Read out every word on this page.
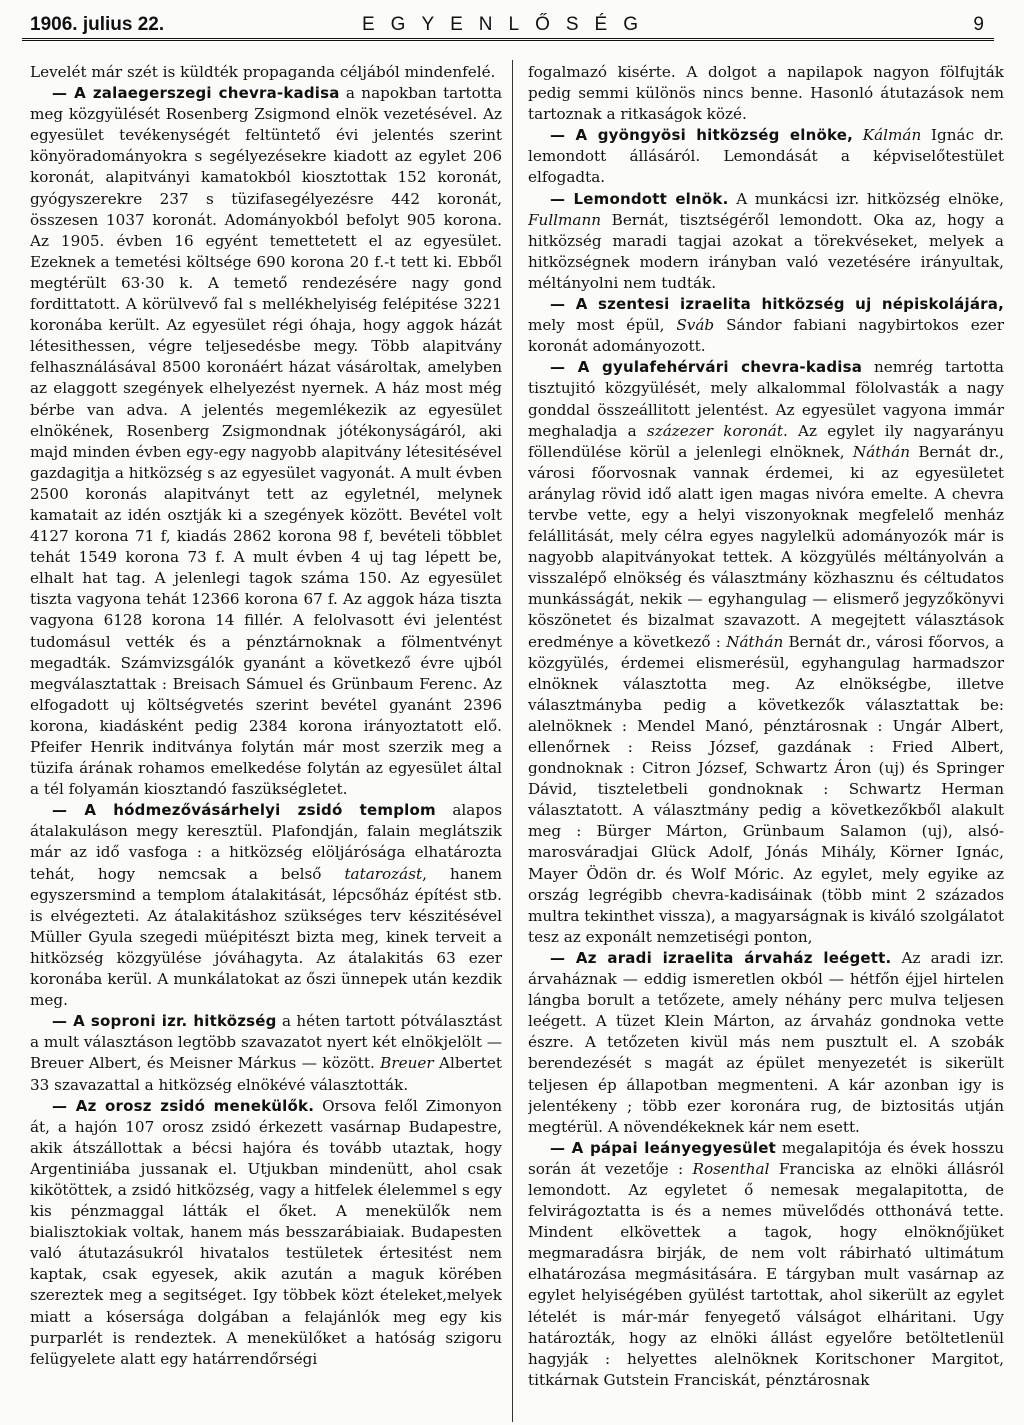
1906. julius 22.	EGYENLŐSÉG	9

Levelét már szét is küldték propaganda céljából mindenfelé.

— A zalaegerszegi chevra-kadisa a napokban tartotta meg közgyülését Rosenberg Zsigmond elnök vezetésével. Az egyesület tevékenységét feltüntető évi jelentés szerint könyöradományokra s segélyezésekre kiadott az egylet 206 koronát, alapitványi kamatokból kiosztottak 152 koronát, gyógyszerekre 237 s tüzifasegélyezésre 442 koronát, összesen 1037 koronát. Adományokból befolyt 905 korona. Az 1905. évben 16 egyént temettetett el az egyesület. Ezeknek a temetési költsége 690 korona 20 f.-t tett ki. Ebből megtérült 63·30 k. A temető rendezésére nagy gond fordittatott. A körülvevő fal s mellékhelyiség felépitése 3221 koronába került. Az egyesület régi óhaja, hogy aggok házát létesithessen, végre teljesedésbe megy. Több alapitvány felhasználásával 8500 koronáért házat vásároltak, amelyben az elaggott szegények elhelyezést nyernek. A ház most még bérbe van adva. A jelentés megemlékezik az egyesület elnökének, Rosenberg Zsigmondnak jótékonyságáról, aki majd minden évben egy-egy nagyobb alapitvány létesitésével gazdagitja a hitközség s az egyesület vagyonát. A mult évben 2500 koronás alapitványt tett az egyletnél, melynek kamatait az idén osztják ki a szegények között. Bevétel volt 4127 korona 71 f, kiadás 2862 korona 98 f, bevételi többlet tehát 1549 korona 73 f. A mult évben 4 uj tag lépett be, elhalt hat tag. A jelenlegi tagok száma 150. Az egyesület tiszta vagyona tehát 12366 korona 67 f. Az aggok háza tiszta vagyona 6128 korona 14 fillér. A felolvasott évi jelentést tudomásul vették és a pénztárnoknak a fölmentvényt megadták. Számvizsgálók gyanánt a következő évre ujból megválasztattak : Breisach Sámuel és Grünbaum Ferenc. Az elfogadott uj költségvetés szerint bevétel gyanánt 2396 korona, kiadásként pedig 2384 korona irányoztatott elő. Pfeifer Henrik inditványa folytán már most szerzik meg a tüzifa árának rohamos emelkedése folytán az egyesület által a tél folyamán kiosztandó faszükségletet.

— A hódmezővásárhelyi zsidó templom alapos átalakuláson megy keresztül. Plafondján, falain meglátszik már az idő vasfoga : a hitközség elöljárósága elhatározta tehát, hogy nemcsak a belső tatarozást, hanem egyszersmind a templom átalakitását, lépcsőház építést stb. is elvégezteti. Az átalakitáshoz szükséges terv készitésével Müller Gyula szegedi müépitészt bizta meg, kinek terveit a hitközség közgyülése jóváhagyta. Az átalakitás 63 ezer koronába kerül. A munkálatokat az őszi ünnepek után kezdik meg.

— A soproni izr. hitközség a héten tartott pótválasztást a mult választáson legtöbb szavazatot nyert két elnökjelölt — Breuer Albert, és Meisner Márkus — között. Breuer Albertet 33 szavazattal a hitközség elnökévé választották.

— Az orosz zsidó menekülők. Orsova felől Zimonyon át, a hajón 107 orosz zsidó érkezett vasárnap Budapestre, akik átszállottak a bécsi hajóra és tovább utaztak, hogy Argentiniába jussanak el. Utjukban mindenütt, ahol csak kikötöttek, a zsidó hitközség, vagy a hitfelek élelemmel s egy kis pénzmaggal látták el őket. A menekülők nem bialisztokiak voltak, hanem más besszarábiaiak. Budapesten való átutazásukról hivatalos testületek értesitést nem kaptak, csak egyesek, akik azután a maguk körében szereztek meg a segitséget. Igy többek közt ételeket,melyek miatt a kósersága dolgában a felajánlók meg egy kis purparlét is rendeztek. A menekülőket a hatóság szigoru felügyelete alatt egy határrendőrségi

fogalmazó kisérte. A dolgot a napilapok nagyon fölfujták pedig semmi különös nincs benne. Hasonló átutazások nem tartoznak a ritkaságok közé.

— A gyöngyösi hitközség elnöke, Kálmán Ignác dr. lemondott állásáról. Lemondását a képviselőtestület elfogadta.

— Lemondott elnök. A munkácsi izr. hitközség elnöke, Fullmann Bernát, tisztségéről lemondott. Oka az, hogy a hitközség maradi tagjai azokat a törekvéseket, melyek a hitközségnek modern irányban való vezetésére irányultak, méltányolni nem tudták.

— A szentesi izraelita hitközség uj népiskolájára, mely most épül, Sváb Sándor fabiani nagybirtokos ezer koronát adományozott.

— A gyulafehérvári chevra-kadisa nemrég tartotta tisztujitó közgyülését, mely alkalommal fölolvasták a nagy gonddal összeállitott jelentést. Az egyesület vagyona immár meghaladja a százezer koronát. Az egylet ily nagyarányu föllendülése körül a jelenlegi elnöknek, Náthán Bernát dr., városi főorvosnak vannak érdemei, ki az egyesületet aránylag rövid idő alatt igen magas nivóra emelte. A chevra tervbe vette, egy a helyi viszonyoknak megfelelő menház felállitását, mely célra egyes nagylelkü adományozók már is nagyobb alapitványokat tettek. A közgyülés méltányolván a visszalépő elnökség és választmány közhasznu és céltudatos munkásságát, nekik — egyhangulag — elismerő jegyzőkönyvi köszönetet és bizalmat szavazott. A megejtett választások eredménye a következő : Náthán Bernát dr., városi főorvos, a közgyülés, érdemei elismerésül, egyhangulag harmadszor elnöknek választotta meg. Az elnökségbe, illetve választmányba pedig a következők választattak be: alelnöknek : Mendel Manó, pénztárosnak : Ungár Albert, ellenőrnek : Reiss József, gazdának : Fried Albert, gondnoknak : Citron József, Schwartz Áron (uj) és Springer Dávid, tiszteletbeli gondnoknak : Schwartz Herman választatott. A választmány pedig a következőkből alakult meg : Bürger Márton, Grünbaum Salamon (uj), alsó-marosváradjai Glück Adolf, Jónás Mihály, Körner Ignác, Mayer Ödön dr. és Wolf Móric. Az egylet, mely egyike az ország legrégibb chevra-kadisáinak (több mint 2 százados multra tekinthet vissza), a magyarságnak is kiváló szolgálatot tesz az exponált nemzetiségi ponton,

— Az aradi izraelita árvaház leégett. Az aradi izr. árvaháznak — eddig ismeretlen okból — hétfőn éjjel hirtelen lángba borult a tetőzete, amely néhány perc mulva teljesen leégett. A tüzet Klein Márton, az árvaház gondnoka vette észre. A tetőzeten kivül más nem pusztult el. A szobák berendezését s magát az épület menyezetét is sikerült teljesen ép állapotban megmenteni. A kár azonban igy is jelentékeny ; több ezer koronára rug, de biztositás utján megtérül. A növendékeknek kár nem esett.

— A pápai leányegyesület megalapitója és évek hosszu során át vezetője : Rosenthal Franciska az elnöki állásról lemondott. Az egyletet ő nemesak megalapitotta, de felvirágoztatta is és a nemes müvelődés otthonává tette. Mindent elkövettek a tagok, hogy elnöknőjüket megmaradásra birják, de nem volt rábirható ultimátum elhatározása megmásitására. E tárgyban mult vasárnap az egylet helyiségében gyülést tartottak, ahol sikerült az egylet lételét is már-már fenyegető válságot elháritani. Ugy határozták, hogy az elnöki állást egyelőre betöltetlenül hagyják : helyettes alelnöknek Koritschoner Margitot, titkárnak Gutstein Franciskát, pénztárosnak
